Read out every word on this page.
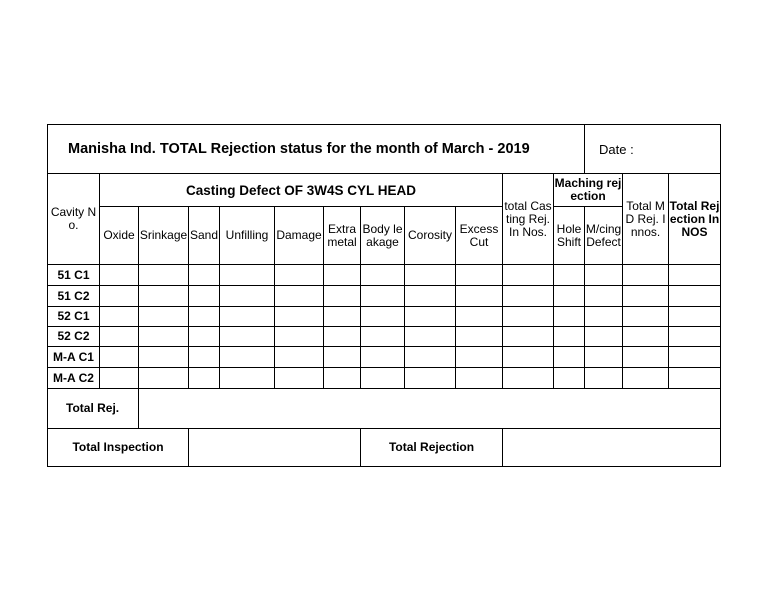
Manisha Ind. TOTAL Rejection status for the month of March - 2019												Date :		
Cavity No.	Casting Defect OF 3W4S CYL HEAD									total Casting Rej. In Nos.	Maching rejection		Total MD Rej. Innos.	Total Rejection In NOS
	Oxide	Srinkage	Sand	Unfilling	Damage	Extra metal	Body leakage	Corosity	Excess Cut		Hole Shift	M/cing Defect		
51 C1														
51 C2														
52 C1														
52 C2														
M-A C1														
M-A C2														
Total Rej.														
Total Inspection							Total Rejection							
